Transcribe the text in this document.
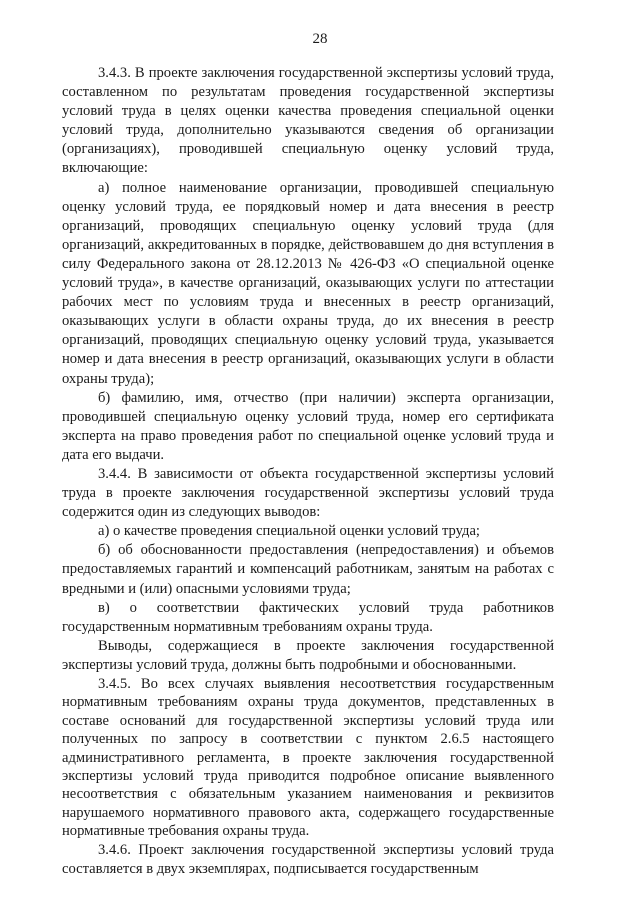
28

3.4.3. В проекте заключения государственной экспертизы условий труда, составленном по результатам проведения государственной экспертизы условий труда в целях оценки качества проведения специальной оценки условий труда, дополнительно указываются сведения об организации (организациях), проводившей специальную оценку условий труда, включающие:

а) полное наименование организации, проводившей специальную оценку условий труда, ее порядковый номер и дата внесения в реестр организаций, проводящих специальную оценку условий труда (для организаций, аккредитованных в порядке, действовавшем до дня вступления в силу Федерального закона от 28.12.2013 № 426-ФЗ «О специальной оценке условий труда», в качестве организаций, оказывающих услуги по аттестации рабочих мест по условиям труда и внесенных в реестр организаций, оказывающих услуги в области охраны труда, до их внесения в реестр организаций, проводящих специальную оценку условий труда, указывается номер и дата внесения в реестр организаций, оказывающих услуги в области охраны труда);

б) фамилию, имя, отчество (при наличии) эксперта организации, проводившей специальную оценку условий труда, номер его сертификата эксперта на право проведения работ по специальной оценке условий труда и дата его выдачи.

3.4.4. В зависимости от объекта государственной экспертизы условий труда в проекте заключения государственной экспертизы условий труда содержится один из следующих выводов:

а) о качестве проведения специальной оценки условий труда;

б) об обоснованности предоставления (непредоставления) и объемов предоставляемых гарантий и компенсаций работникам, занятым на работах с вредными и (или) опасными условиями труда;

в) о соответствии фактических условий труда работников государственным нормативным требованиям охраны труда.

Выводы, содержащиеся в проекте заключения государственной экспертизы условий труда, должны быть подробными и обоснованными.

3.4.5. Во всех случаях выявления несоответствия государственным нормативным требованиям охраны труда документов, представленных в составе оснований для государственной экспертизы условий труда или полученных по запросу в соответствии с пунктом 2.6.5 настоящего административного регламента, в проекте заключения государственной экспертизы условий труда приводится подробное описание выявленного несоответствия с обязательным указанием наименования и реквизитов нарушаемого нормативного правового акта, содержащего государственные нормативные требования охраны труда.

3.4.6. Проект заключения государственной экспертизы условий труда составляется в двух экземплярах, подписывается государственным
